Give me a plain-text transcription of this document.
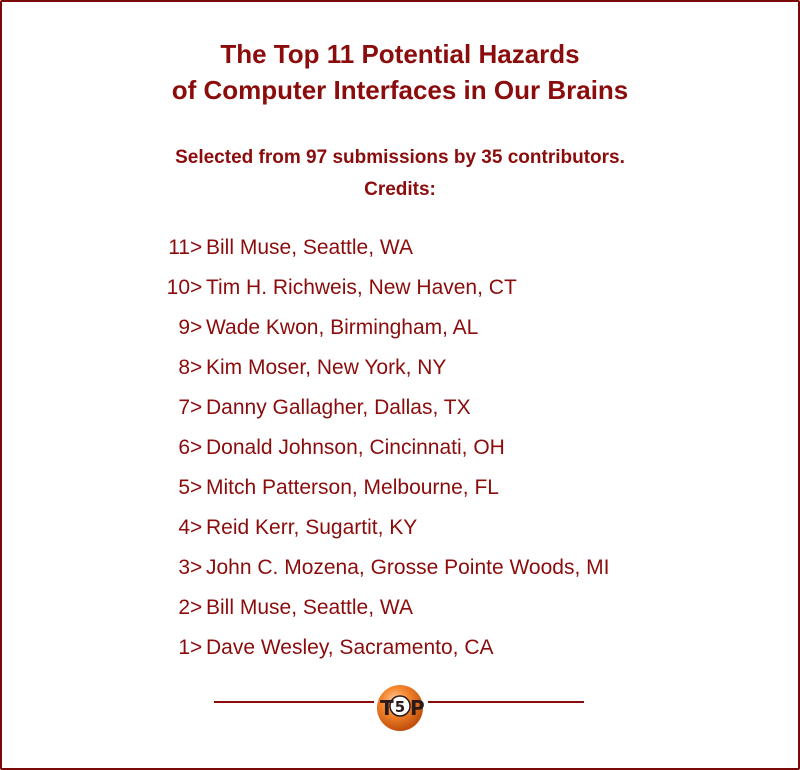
The Top 11 Potential Hazards
of Computer Interfaces in Our Brains
Selected from 97 submissions by 35 contributors.
Credits:
11 > Bill Muse, Seattle, WA
10 > Tim H. Richweis, New Haven, CT
9 > Wade Kwon, Birmingham, AL
8 > Kim Moser, New York, NY
7 > Danny Gallagher, Dallas, TX
6 > Donald Johnson, Cincinnati, OH
5 > Mitch Patterson, Melbourne, FL
4 > Reid Kerr, Sugartit, KY
3 > John C. Mozena, Grosse Pointe Woods, MI
2 > Bill Muse, Seattle, WA
1 > Dave Wesley, Sacramento, CA
T 5 P
